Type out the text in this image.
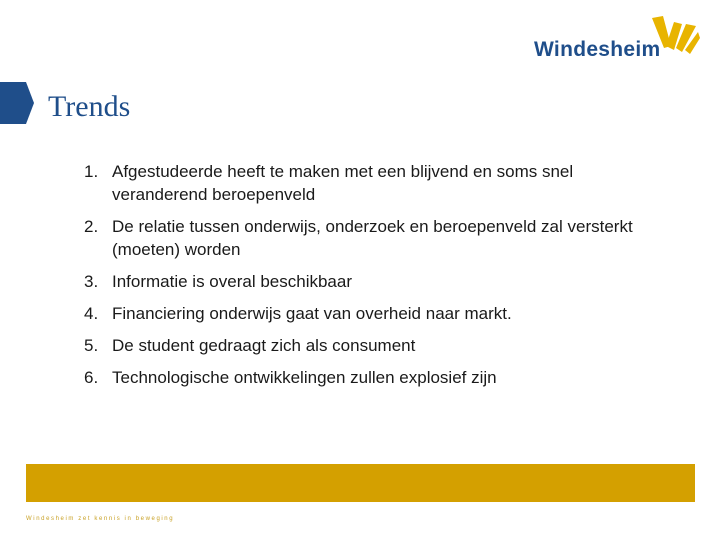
Windesheim
Trends
1. Afgestudeerde heeft te maken met een blijvend en soms snel veranderend beroepenveld
2. De relatie tussen onderwijs, onderzoek en beroepenveld zal versterkt (moeten) worden
3. Informatie is overal beschikbaar
4. Financiering onderwijs gaat van overheid naar markt.
5. De student gedraagt zich als consument
6. Technologische ontwikkelingen zullen explosief zijn
Windesheim zet kennis in beweging
